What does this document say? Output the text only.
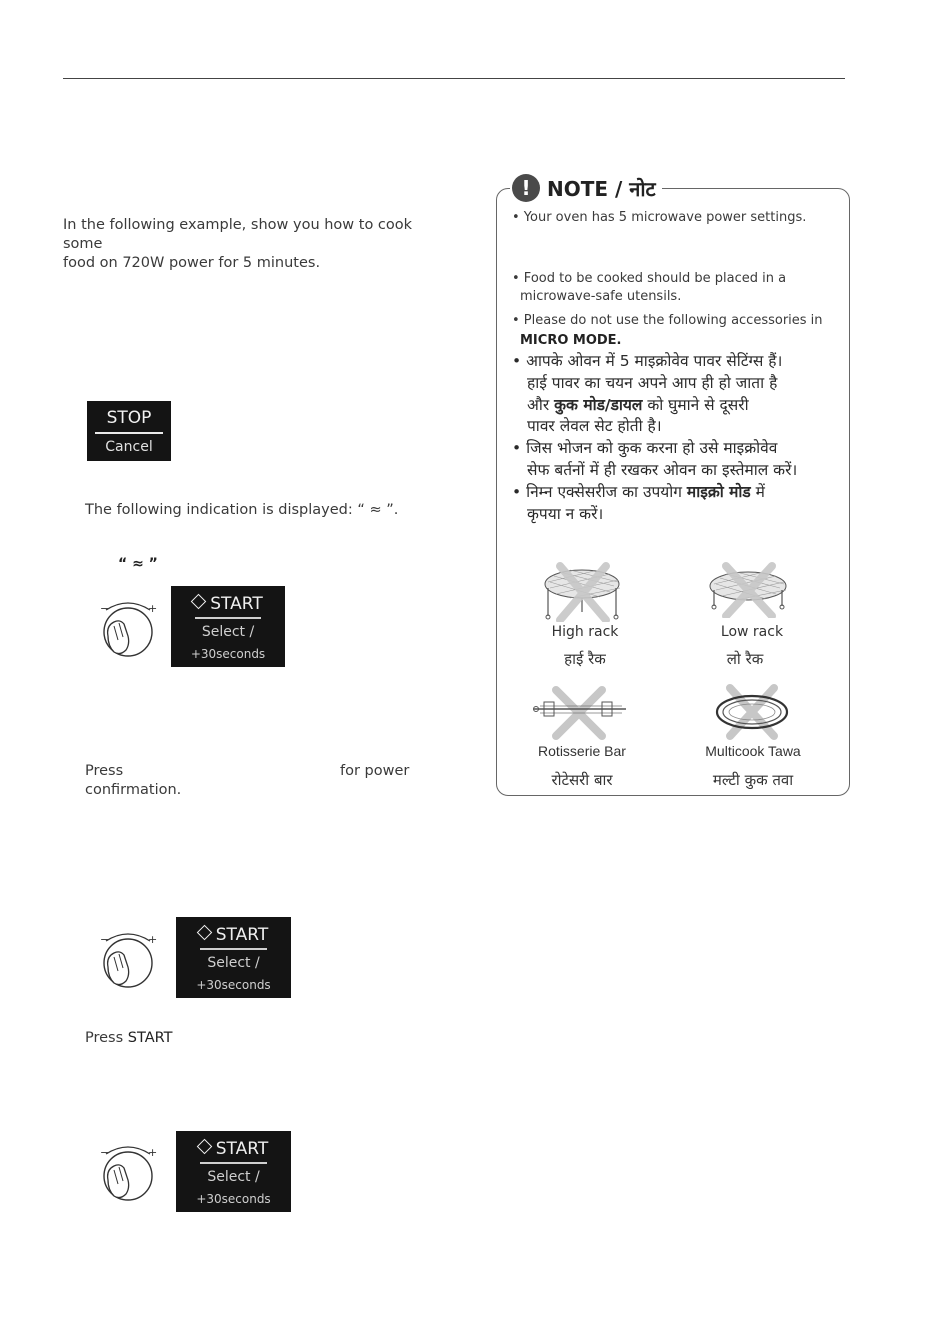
In the following example, show you how to cook some
food on 720W power for 5 minutes.
STOP
Cancel
The following indication is displayed: “ ≈ ”.
“ ≈ ”
−	+	START
Select /
+30seconds
Press	for power
confirmation.
−	+	START
Select /
+30seconds
Press START
−	+	START
Select /
+30seconds
! NOTE / नोट
• Your oven has 5 microwave power settings.
• Food to be cooked should be placed in a
microwave-safe utensils.
• Please do not use the following accessories in
MICRO MODE.
• आपके ओवन में 5 माइक्रोवेव पावर सेटिंग्स हैं।
हाई पावर का चयन अपने आप ही हो जाता है
और कुक मोड/डायल को घुमाने से दूसरी
पावर लेवल सेट होती है।
• जिस भोजन को कुक करना हो उसे माइक्रोवेव
सेफ बर्तनों में ही रखकर ओवन का इस्तेमाल करें।
• निम्न एक्सेसरीज का उपयोग माइक्रो मोड में
कृपया न करें।
High rack
हाई रैक
Low rack
लो रैक
Rotisserie Bar
रोटेसरी बार
Multicook Tawa
मल्टी कुक तवा
